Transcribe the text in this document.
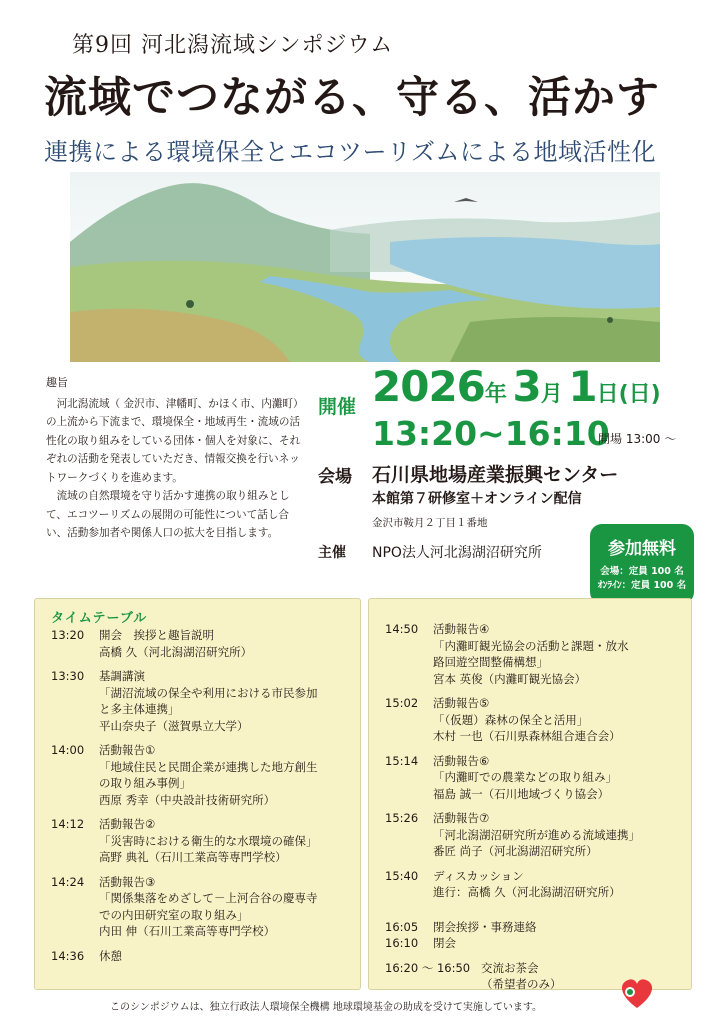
第9回 河北潟流域シンポジウム
流域でつながる、守る、活かす
連携による環境保全とエコツーリズムによる地域活性化
趣旨

河北潟流域（ 金沢市、津幡町、かほく市、内灘町）の上流から下流まで、環境保全・地域再生・流域の活性化の取り組みをしている団体・個人を対象に、それぞれの活動を発表していただき、情報交換を行いネットワークづくりを進めます。

流域の自然環境を守り活かす連携の取り組みとして、エコツーリズムの展開の可能性について話し合い、活動参加者や関係人口の拡大を目指します。

開催 2026年 3月 1日(日)
13:20~16:10
開場 13:00 ～
会場 石川県地場産業振興センター
本館第７研修室＋オンライン配信
金沢市鞍月２丁目１番地
主催 NPO法人河北潟湖沼研究所	参加無料
会場：定員 100 名
ｵﾝﾗｲﾝ：定員 100 名
タイムテーブル
13:20	開会　挨拶と趣旨説明
高橋 久（河北潟湖沼研究所）
13:30	基調講演
「湖沼流域の保全や利用における市民参加
と多主体連携」
平山奈央子（滋賀県立大学）
14:00	活動報告①
「地域住民と民間企業が連携した地方創生
の取り組み事例」
西原 秀幸（中央設計技術研究所）
14:12	活動報告②
「災害時における衛生的な水環境の確保」
高野 典礼（石川工業高等専門学校）
14:24	活動報告③
「関係集落をめざして－上河合谷の慶専寺
での内田研究室の取り組み」
内田 伸（石川工業高等専門学校）
14:36	休憩
14:50	活動報告④
「内灘町観光協会の活動と課題・放水
路回遊空間整備構想」
宮本 英俊（内灘町観光協会）
15:02	活動報告⑤
「（仮題）森林の保全と活用」
木村 一也（石川県森林組合連合会）
15:14	活動報告⑥
「内灘町での農業などの取り組み」
福島 誠一（石川地域づくり協会）
15:26	活動報告⑦
「河北潟湖沼研究所が進める流域連携」
番匠 尚子（河北潟湖沼研究所）
15:40	ディスカッション
進行：高橋 久（河北潟湖沼研究所）
16:05	閉会挨拶・事務連絡
16:10	閉会
16:20 ～ 16:50 交流お茶会
（希望者のみ）
このシンポジウムは、独立行政法人環境保全機構 地球環境基金の助成を受けて実施しています。
